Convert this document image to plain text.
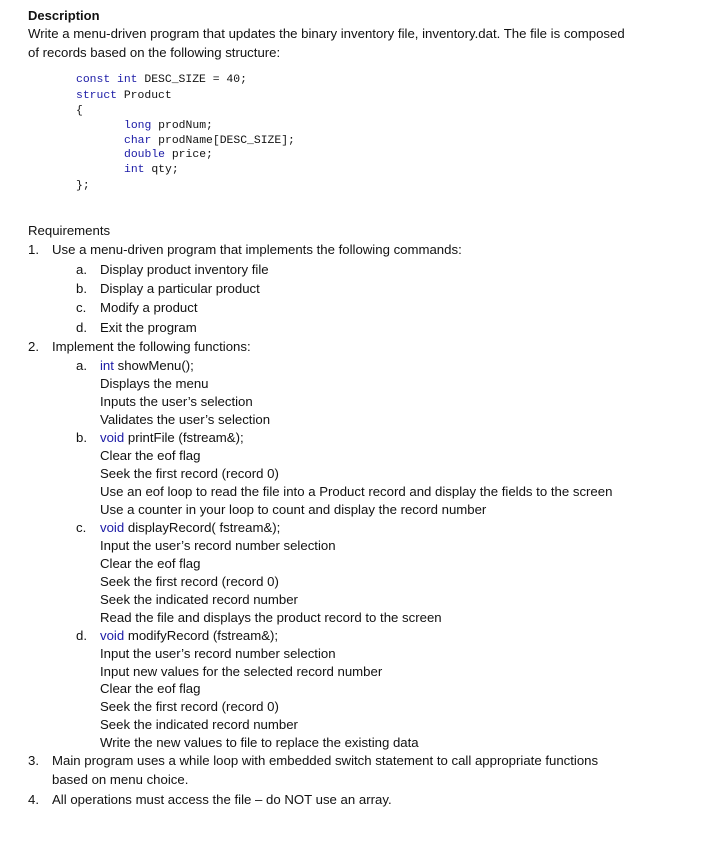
Description
Write a menu-driven program that updates the binary inventory file, inventory.dat. The file is composed
of records based on the following structure:
const int DESC_SIZE = 40;
struct Product
{
long prodNum;
char prodName[DESC_SIZE];
double price;
int qty;
};
Requirements
1. Use a menu-driven program that implements the following commands:
a. Display product inventory file
b. Display a particular product
c. Modify a product
d. Exit the program
2. Implement the following functions:
a. int showMenu();
Displays the menu
Inputs the user’s selection
Validates the user’s selection
b. void printFile (fstream&);
Clear the eof flag
Seek the first record (record 0)
Use an eof loop to read the file into a Product record and display the fields to the screen
Use a counter in your loop to count and display the record number
c. void displayRecord( fstream&);
Input the user’s record number selection
Clear the eof flag
Seek the first record (record 0)
Seek the indicated record number
Read the file and displays the product record to the screen
d. void modifyRecord (fstream&);
Input the user’s record number selection
Input new values for the selected record number
Clear the eof flag
Seek the first record (record 0)
Seek the indicated record number
Write the new values to file to replace the existing data
3. Main program uses a while loop with embedded switch statement to call appropriate functions
based on menu choice.
4. All operations must access the file – do NOT use an array.
